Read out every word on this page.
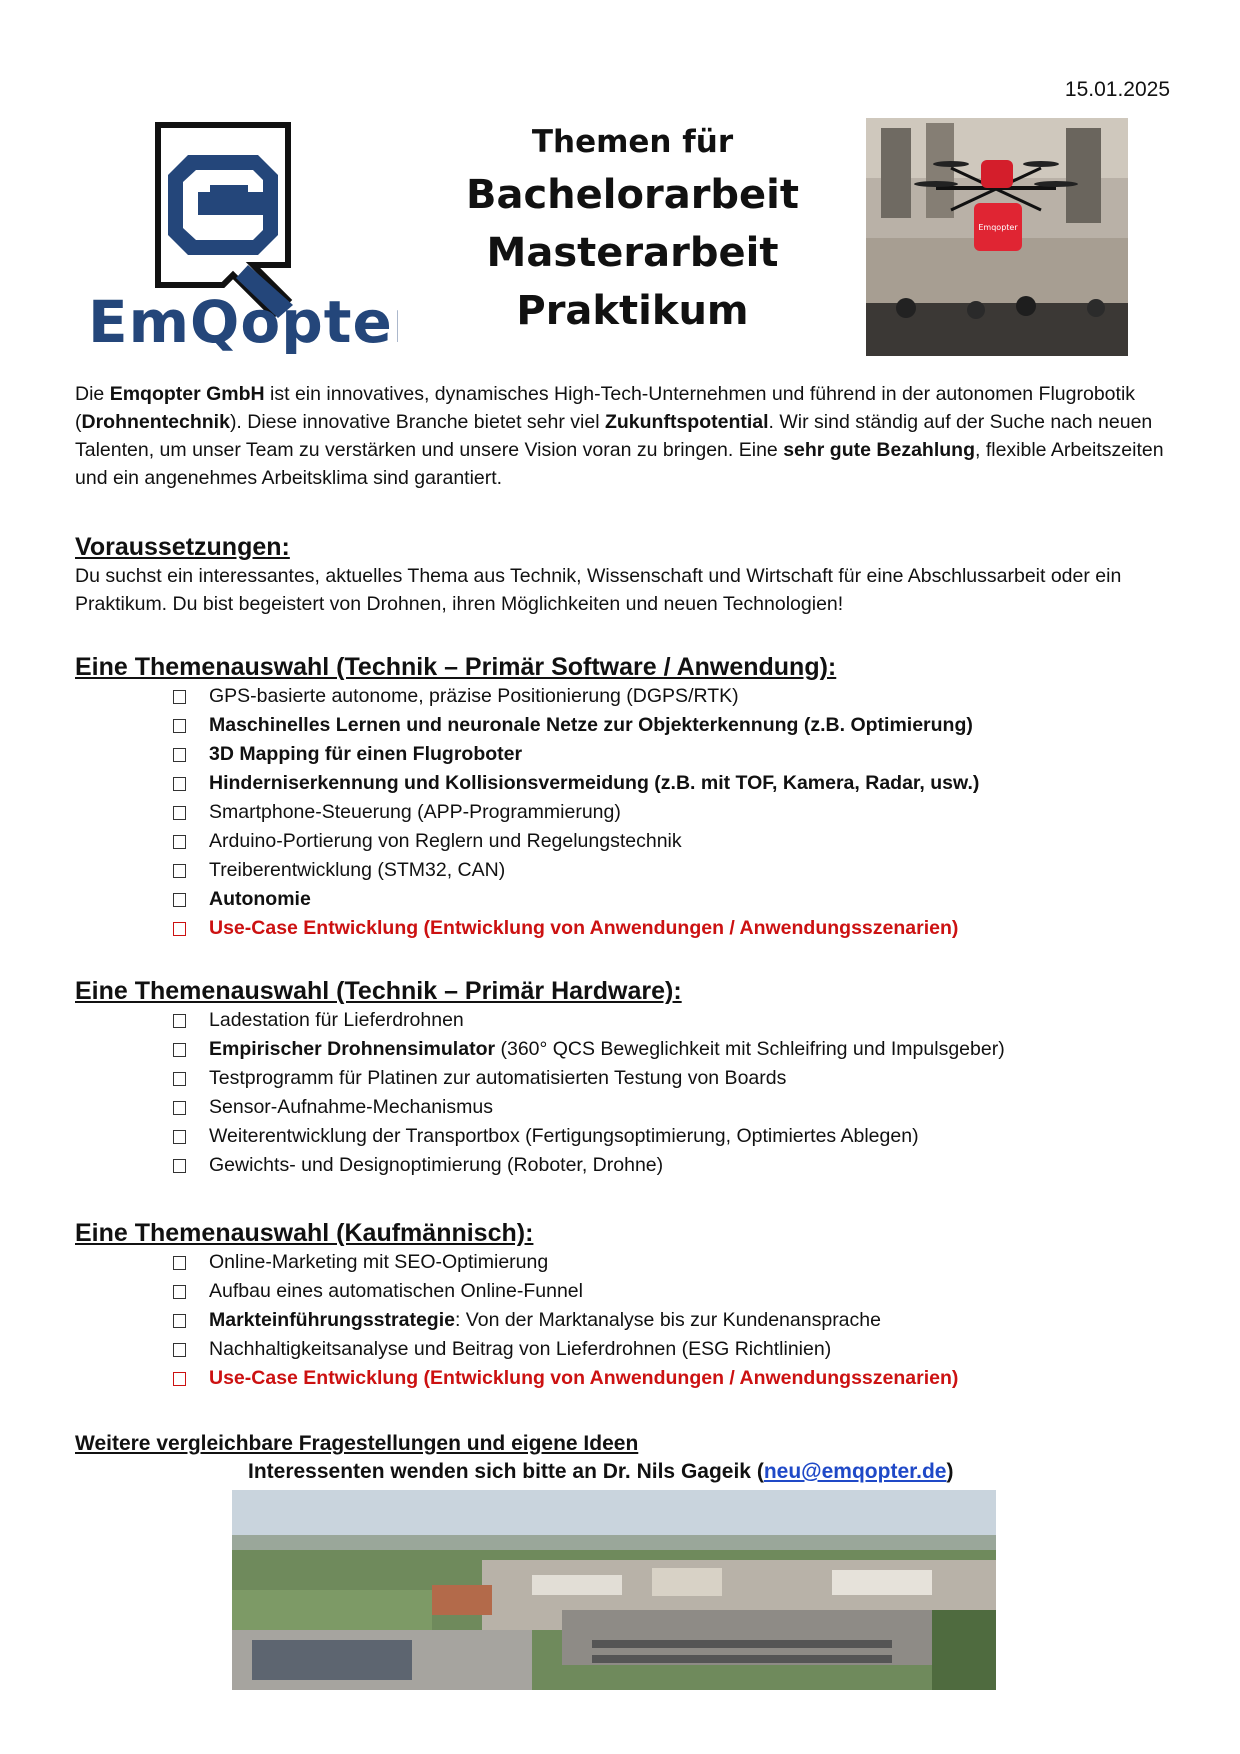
15.01.2025
EmQopter
Themen für
Bachelorarbeit
Masterarbeit
Praktikum
Emqopter
Die Emqopter GmbH ist ein innovatives, dynamisches High-Tech-Unternehmen und führend in der autonomen Flugrobotik (Drohnentechnik). Diese innovative Branche bietet sehr viel Zukunftspotential. Wir sind ständig auf der Suche nach neuen Talenten, um unser Team zu verstärken und unsere Vision voran zu bringen. Eine sehr gute Bezahlung, flexible Arbeitszeiten und ein angenehmes Arbeitsklima sind garantiert.
Voraussetzungen:
Du suchst ein interessantes, aktuelles Thema aus Technik, Wissenschaft und Wirtschaft für eine Abschlussarbeit oder ein Praktikum. Du bist begeistert von Drohnen, ihren Möglichkeiten und neuen Technologien!
Eine Themenauswahl (Technik – Primär Software / Anwendung):
GPS-basierte autonome, präzise Positionierung (DGPS/RTK)
Maschinelles Lernen und neuronale Netze zur Objekterkennung (z.B. Optimierung)
3D Mapping für einen Flugroboter
Hinderniserkennung und Kollisionsvermeidung (z.B. mit TOF, Kamera, Radar, usw.)
Smartphone-Steuerung (APP-Programmierung)
Arduino-Portierung von Reglern und Regelungstechnik
Treiberentwicklung (STM32, CAN)
Autonomie
Use-Case Entwicklung (Entwicklung von Anwendungen / Anwendungsszenarien)
Eine Themenauswahl (Technik – Primär Hardware):
Ladestation für Lieferdrohnen
Empirischer Drohnensimulator (360° QCS Beweglichkeit mit Schleifring und Impulsgeber)
Testprogramm für Platinen zur automatisierten Testung von Boards
Sensor-Aufnahme-Mechanismus
Weiterentwicklung der Transportbox (Fertigungsoptimierung, Optimiertes Ablegen)
Gewichts- und Designoptimierung (Roboter, Drohne)
Eine Themenauswahl (Kaufmännisch):
Online-Marketing mit SEO-Optimierung
Aufbau eines automatischen Online-Funnel
Markteinführungsstrategie: Von der Marktanalyse bis zur Kundenansprache
Nachhaltigkeitsanalyse und Beitrag von Lieferdrohnen (ESG Richtlinien)
Use-Case Entwicklung (Entwicklung von Anwendungen / Anwendungsszenarien)
Weitere vergleichbare Fragestellungen und eigene Ideen
Interessenten wenden sich bitte an Dr. Nils Gageik (neu@emqopter.de)
